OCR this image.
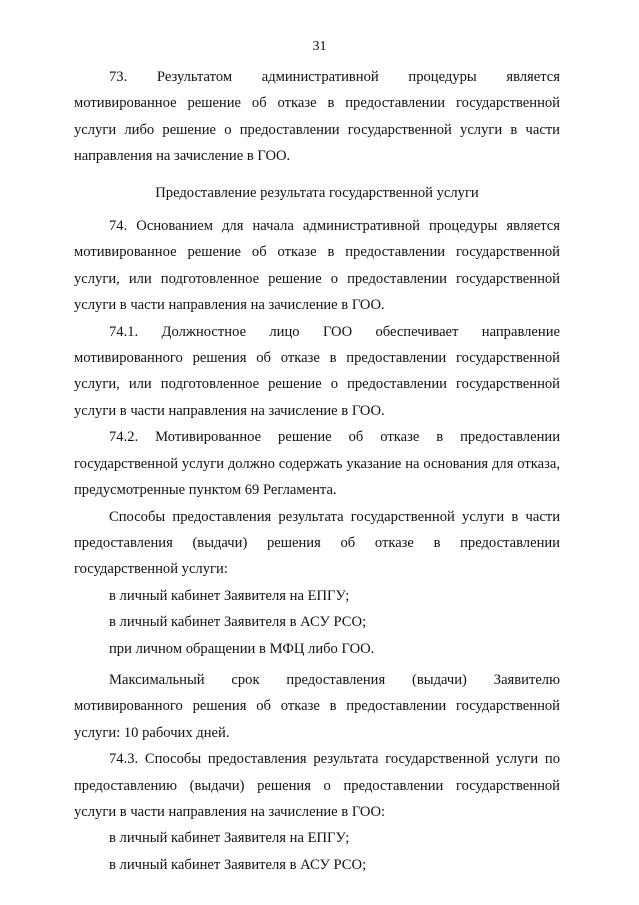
31

73. Результатом административной процедуры является мотивированное решение об отказе в предоставлении государственной услуги либо решение о предоставлении государственной услуги в части направления на зачисление в ГОО.

Предоставление результата государственной услуги

74. Основанием для начала административной процедуры является мотивированное решение об отказе в предоставлении государственной услуги, или подготовленное решение о предоставлении государственной услуги в части направления на зачисление в ГОО.

74.1. Должностное лицо ГОО обеспечивает направление мотивированного решения об отказе в предоставлении государственной услуги, или подготовленное решение о предоставлении государственной услуги в части направления на зачисление в ГОО.

74.2. Мотивированное решение об отказе в предоставлении государственной услуги должно содержать указание на основания для отказа, предусмотренные пунктом 69 Регламента.

Способы предоставления результата государственной услуги в части предоставления (выдачи) решения об отказе в предоставлении государственной услуги:

в личный кабинет Заявителя на ЕПГУ;

в личный кабинет Заявителя в АСУ РСО;

при личном обращении в МФЦ либо ГОО.

Максимальный срок предоставления (выдачи) Заявителю мотивированного решения об отказе в предоставлении государственной услуги: 10 рабочих дней.

74.3. Способы предоставления результата государственной услуги по предоставлению (выдачи) решения о предоставлении государственной услуги в части направления на зачисление в ГОО:

в личный кабинет Заявителя на ЕПГУ;

в личный кабинет Заявителя в АСУ РСО;
